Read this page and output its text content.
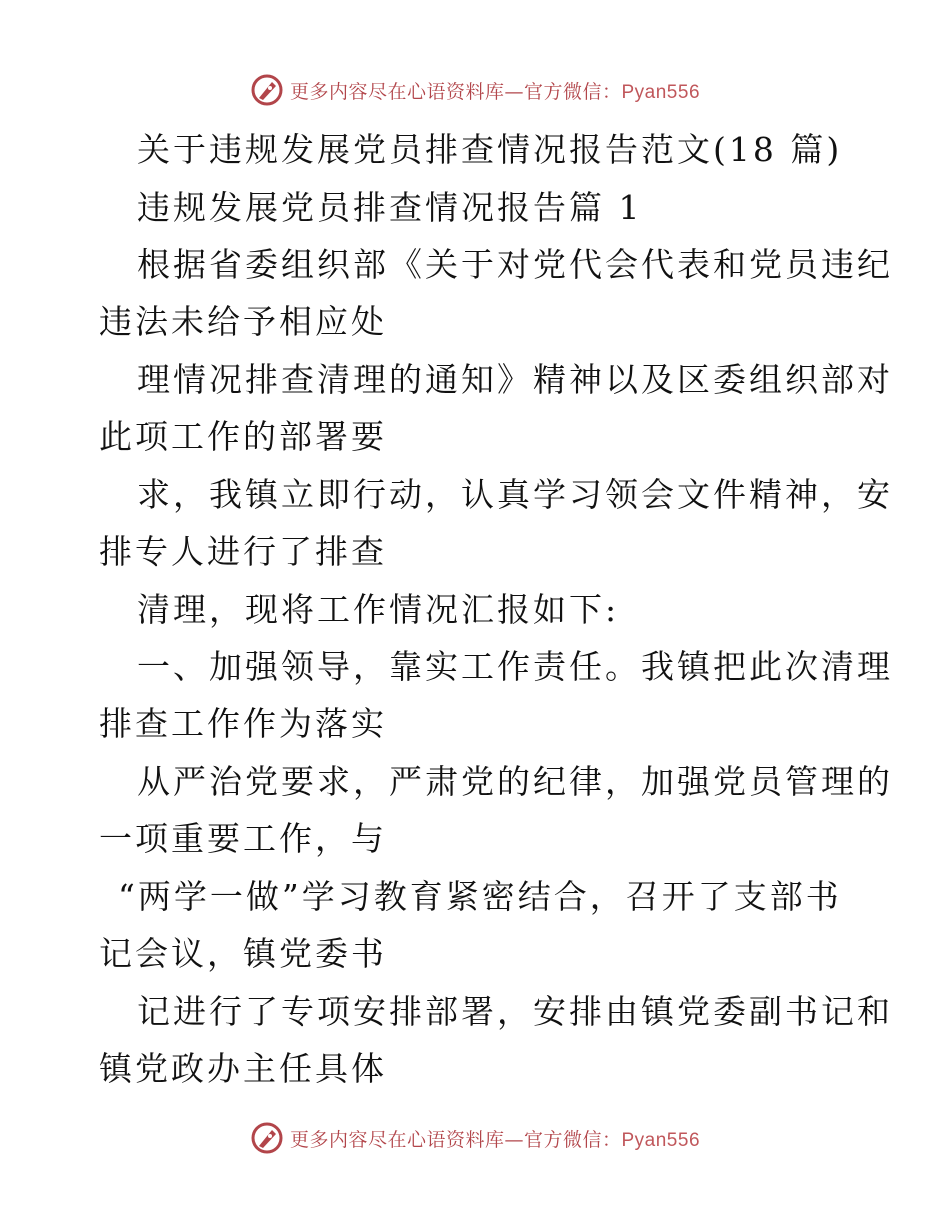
更多内容尽在心语资料库—官方微信：Pyan556
关于违规发展党员排查情况报告范文(18 篇)
违规发展党员排查情况报告篇 1
根据省委组织部《关于对党代会代表和党员违纪
违法未给予相应处
理情况排查清理的通知》精神以及区委组织部对
此项工作的部署要
求，我镇立即行动，认真学习领会文件精神，安
排专人进行了排查
清理，现将工作情况汇报如下:
一、加强领导，靠实工作责任。我镇把此次清理
排查工作作为落实
从严治党要求，严肃党的纪律，加强党员管理的
一项重要工作，与
“两学一做”学习教育紧密结合，召开了支部书
记会议，镇党委书
记进行了专项安排部署，安排由镇党委副书记和
镇党政办主任具体
更多内容尽在心语资料库—官方微信：Pyan556
